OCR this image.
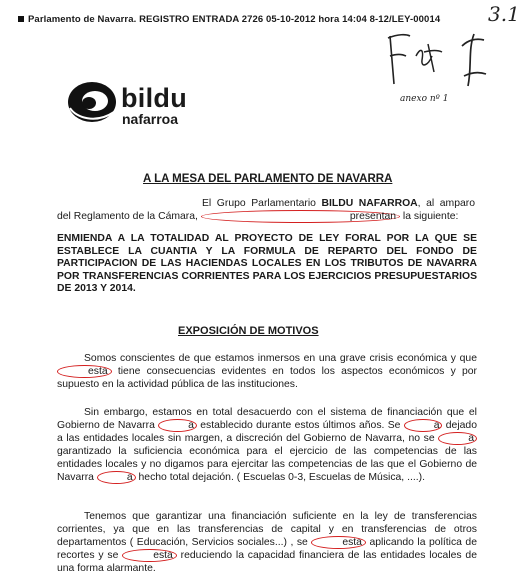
Parlamento de Navarra. REGISTRO ENTRADA 2726 05-10-2012 hora 14:04 8-12/LEY-00014 3.1
anexo nº 1
bildu
nafarroa
A LA MESA DEL PARLAMENTO DE NAVARRA
El Grupo Parlamentario BILDU NAFARROA, al amparo del Reglamento de la Cámara,	presentan la siguiente:
ENMIENDA A LA TOTALIDAD AL PROYECTO DE LEY FORAL POR LA QUE SE ESTABLECE LA CUANTIA Y LA FORMULA DE REPARTO DEL FONDO DE PARTICIPACION DE LAS HACIENDAS LOCALES EN LOS TRIBUTOS DE NAVARRA POR TRANSFERENCIAS CORRIENTES PARA LOS EJERCICIOS PRESUPUESTARIOS DE 2013 Y 2014.
EXPOSICIÓN DE MOTIVOS
Somos conscientes de que estamos inmersos en una grave crisis económica y que esta tiene consecuencias evidentes en todos los aspectos económicos y por supuesto en la actividad pública de las instituciones.
Sin embargo, estamos en total desacuerdo con el sistema de financiación que el Gobierno de Navarra	a establecido durante estos últimos años. Se	a dejado a las entidades locales sin margen, a discreción del Gobierno de Navarra, no se	a garantizado la suficiencia económica para el ejercicio de las competencias de las entidades locales y no digamos para ejercitar las competencias de las que el Gobierno de Navarra	a hecho total dejación. ( Escuelas 0-3, Escuelas de Música, ....).
Tenemos que garantizar una financiación suficiente en la ley de transferencias corrientes, ya que en las transferencias de capital y en transferencias de otros departamentos ( Educación, Servicios sociales...) , se	esta aplicando la política de recortes y se	esta reduciendo la capacidad financiera de las entidades locales de una forma alarmante.
